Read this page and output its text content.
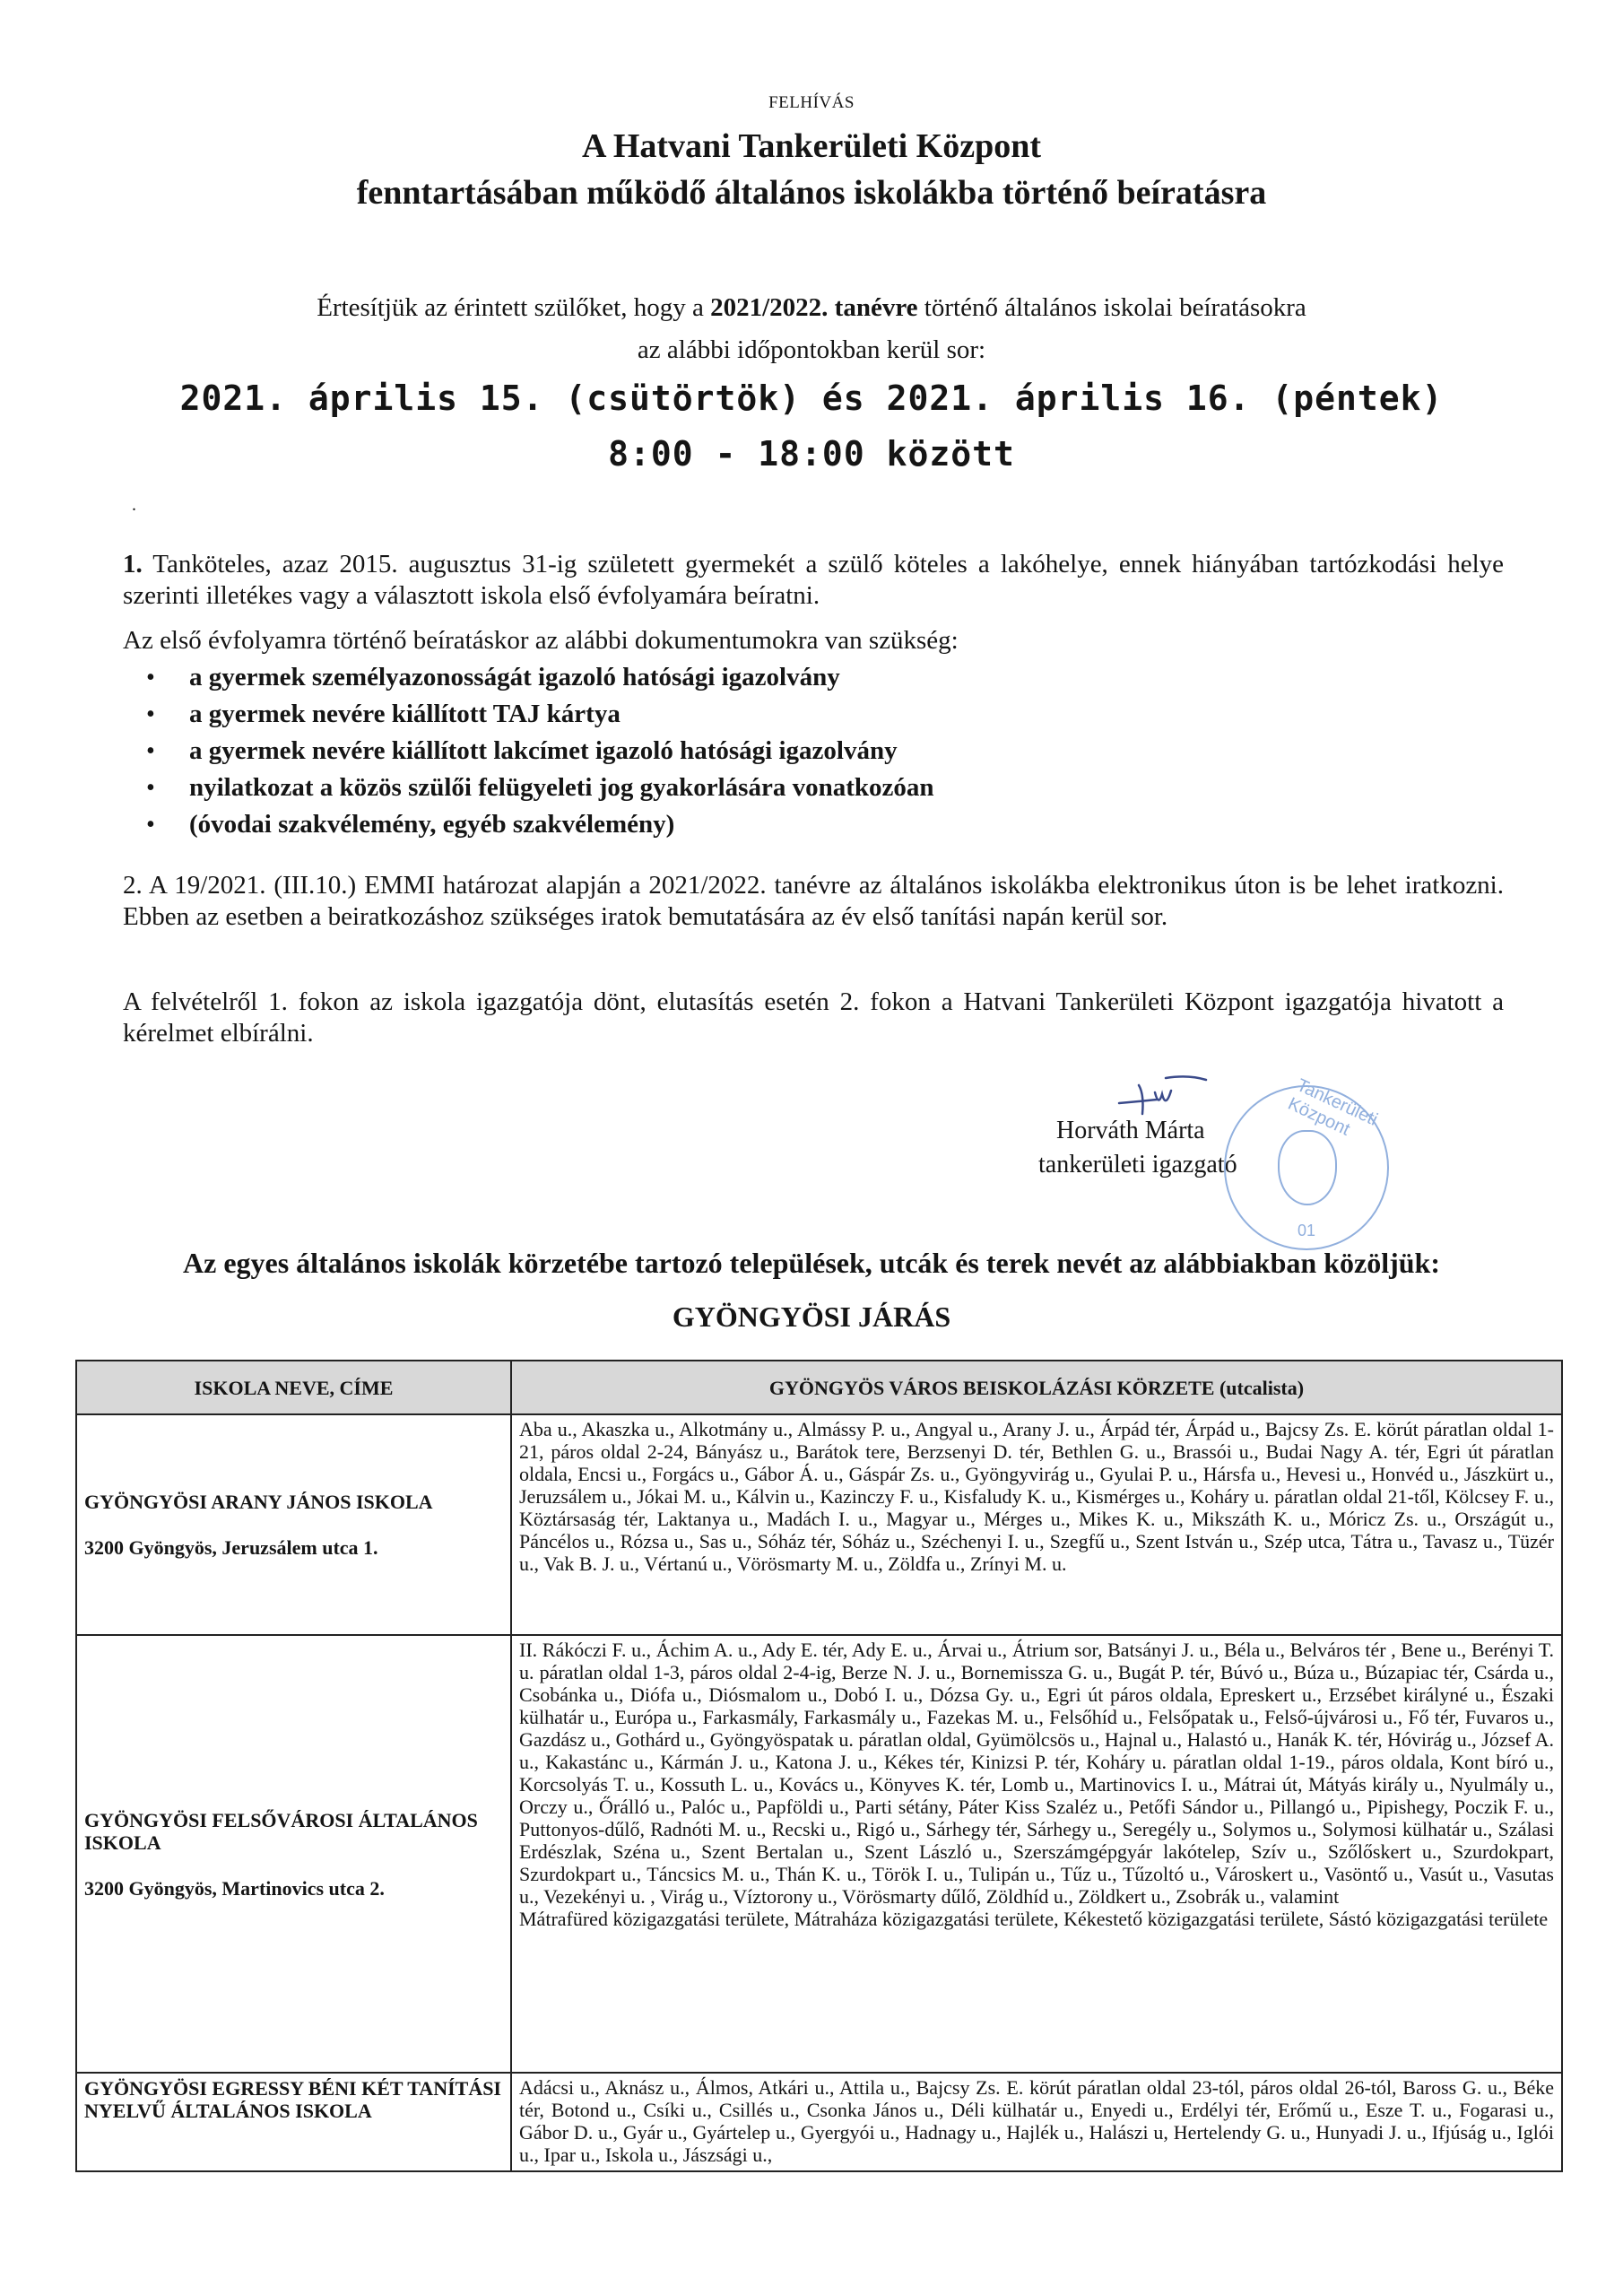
FELHÍVÁS
A Hatvani Tankerületi Központ
fenntartásában működő általános iskolákba történő beíratásra
Értesítjük az érintett szülőket, hogy a 2021/2022. tanévre történő általános iskolai beíratásokra
az alábbi időpontokban kerül sor:
2021. április 15. (csütörtök) és 2021. április 16. (péntek)
8:00 - 18:00 között
.
1. Tanköteles, azaz 2015. augusztus 31-ig született gyermekét a szülő köteles a lakóhelye, ennek hiányában tartózkodási helye szerinti illetékes vagy a választott iskola első évfolyamára beíratni.
Az első évfolyamra történő beíratáskor az alábbi dokumentumokra van szükség:
• a gyermek személyazonosságát igazoló hatósági igazolvány
• a gyermek nevére kiállított TAJ kártya
• a gyermek nevére kiállított lakcímet igazoló hatósági igazolvány
• nyilatkozat a közös szülői felügyeleti jog gyakorlására vonatkozóan
• (óvodai szakvélemény, egyéb szakvélemény)
2. A 19/2021. (III.10.) EMMI határozat alapján a 2021/2022. tanévre az általános iskolákba elektronikus úton is be lehet iratkozni. Ebben az esetben a beiratkozáshoz szükséges iratok bemutatására az év első tanítási napán kerül sor.
A felvételről 1. fokon az iskola igazgatója dönt, elutasítás esetén 2. fokon a Hatvani Tankerületi Központ igazgatója hivatott a kérelmet elbírálni.
Horváth Márta
tankerületi igazgató
Tankerületi Központ
01
Az egyes általános iskolák körzetébe tartozó települések, utcák és terek nevét az alábbiakban közöljük:
GYÖNGYÖSI JÁRÁS
ISKOLA NEVE, CÍME	GYÖNGYÖS VÁROS BEISKOLÁZÁSI KÖRZETE (utcalista)

GYÖNGYÖSI ARANY JÁNOS ISKOLA
3200 Gyöngyös, Jeruzsálem utca 1.	Aba u., Akaszka u., Alkotmány u., Almássy P. u., Angyal u., Arany J. u., Árpád tér, Árpád u., Bajcsy Zs. E. körút páratlan oldal 1-21, páros oldal 2-24, Bányász u., Barátok tere, Berzsenyi D. tér, Bethlen G. u., Brassói u., Budai Nagy A. tér, Egri út páratlan oldala, Encsi u., Forgács u., Gábor Á. u., Gáspár Zs. u., Gyöngyvirág u., Gyulai P. u., Hársfa u., Hevesi u., Honvéd u., Jászkürt u., Jeruzsálem u., Jókai M. u., Kálvin u., Kazinczy F. u., Kisfaludy K. u., Kismérges u., Koháry u. páratlan oldal 21-től, Kölcsey F. u., Köztársaság tér, Laktanya u., Madách I. u., Magyar u., Mérges u., Mikes K. u., Mikszáth K. u., Móricz Zs. u., Országút u., Páncélos u., Rózsa u., Sas u., Sóház tér, Sóház u., Széchenyi I. u., Szegfű u., Szent István u., Szép utca, Tátra u., Tavasz u., Tüzér u., Vak B. J. u., Vértanú u., Vörösmarty M. u., Zöldfa u., Zrínyi M. u.

GYÖNGYÖSI FELSŐVÁROSI ÁLTALÁNOS ISKOLA
3200 Gyöngyös, Martinovics utca 2.	II. Rákóczi F. u., Áchim A. u., Ady E. tér, Ady E. u., Árvai u., Átrium sor, Batsányi J. u., Béla u., Belváros tér , Bene u., Berényi T. u. páratlan oldal 1-3, páros oldal 2-4-ig, Berze N. J. u., Bornemissza G. u., Bugát P. tér, Búvó u., Búza u., Búzapiac tér, Csárda u., Csobánka u., Diófa u., Diósmalom u., Dobó I. u., Dózsa Gy. u., Egri út páros oldala, Epreskert u., Erzsébet királyné u., Északi külhatár u., Európa u., Farkasmály, Farkasmály u., Fazekas M. u., Felsőhíd u., Felsőpatak u., Felső-újvárosi u., Fő tér, Fuvaros u., Gazdász u., Gothárd u., Gyöngyöspatak u. páratlan oldal, Gyümölcsös u., Hajnal u., Halastó u., Hanák K. tér, Hóvirág u., József A. u., Kakastánc u., Kármán J. u., Katona J. u., Kékes tér, Kinizsi P. tér, Koháry u. páratlan oldal 1-19., páros oldala, Kont bíró u., Korcsolyás T. u., Kossuth L. u., Kovács u., Könyves K. tér, Lomb u., Martinovics I. u., Mátrai út, Mátyás király u., Nyulmály u., Orczy u., Őrálló u., Palóc u., Papföldi u., Parti sétány, Páter Kiss Szaléz u., Petőfi Sándor u., Pillangó u., Pipishegy, Poczik F. u., Puttonyos-dűlő, Radnóti M. u., Recski u., Rigó u., Sárhegy tér, Sárhegy u., Seregély u., Solymos u., Solymosi külhatár u., Szálasi Erdészlak, Széna u., Szent Bertalan u., Szent László u., Szerszámgépgyár lakótelep, Szív u., Szőlőskert u., Szurdokpart, Szurdokpart u., Táncsics M. u., Thán K. u., Török I. u., Tulipán u., Tűz u., Tűzoltó u., Városkert u., Vasöntő u., Vasút u., Vasutas u., Vezekényi u. , Virág u., Víztorony u., Vörösmarty dűlő, Zöldhíd u., Zöldkert u., Zsobrák u., valamint
Mátrafüred közigazgatási területe, Mátraháza közigazgatási területe, Kékestető közigazgatási területe, Sástó közigazgatási területe

GYÖNGYÖSI EGRESSY BÉNI KÉT TANÍTÁSI NYELVŰ ÁLTALÁNOS ISKOLA	Adácsi u., Aknász u., Álmos, Atkári u., Attila u., Bajcsy Zs. E. körút páratlan oldal 23-tól, páros oldal 26-tól, Baross G. u., Béke tér, Botond u., Csíki u., Csillés u., Csonka János u., Déli külhatár u., Enyedi u., Erdélyi tér, Erőmű u., Esze T. u., Fogarasi u., Gábor D. u., Gyár u., Gyártelep u., Gyergyói u., Hadnagy u., Hajlék u., Halászi u, Hertelendy G. u., Hunyadi J. u., Ifjúság u., Iglói u., Ipar u., Iskola u., Jászsági u.,
